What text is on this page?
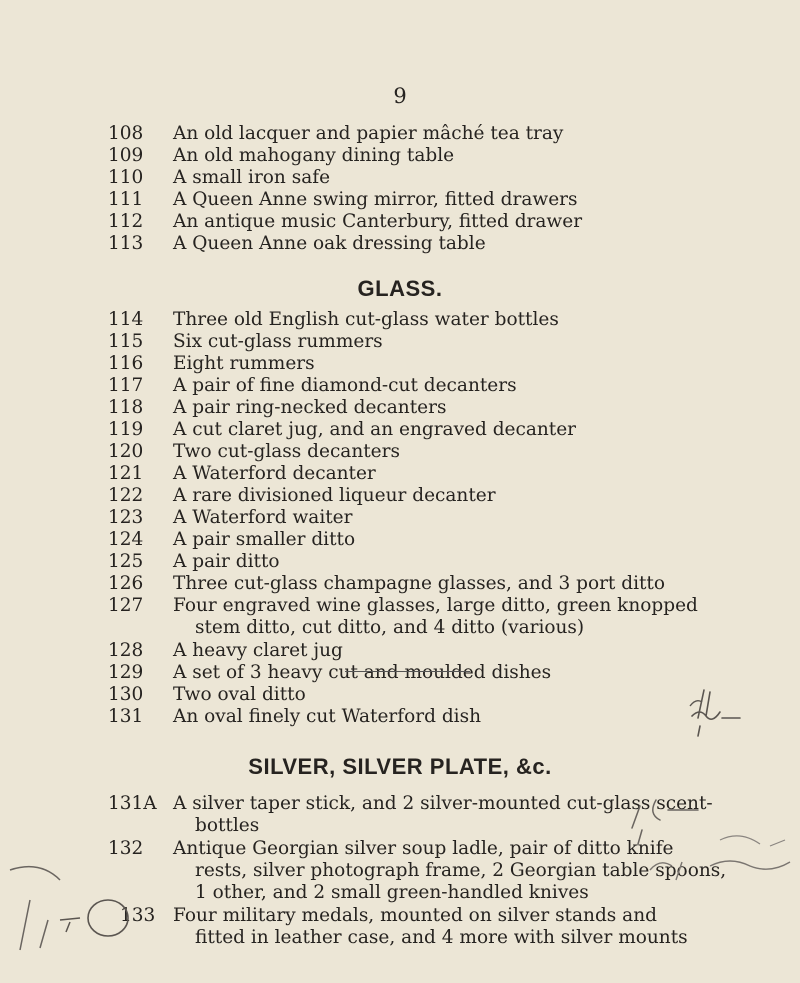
9
108	An old lacquer and papier mâché tea tray
109	An old mahogany dining table
110	A small iron safe
111	A Queen Anne swing mirror, fitted drawers
112	An antique music Canterbury, fitted drawer
113	A Queen Anne oak dressing table
GLASS.
114	Three old English cut-glass water bottles
115	Six cut-glass rummers
116	Eight rummers
117	A pair of fine diamond-cut decanters
118	A pair ring-necked decanters
119	A cut claret jug, and an engraved decanter
120	Two cut-glass decanters
121	A Waterford decanter
122	A rare divisioned liqueur decanter
123	A Waterford waiter
124	A pair smaller ditto
125	A pair ditto
126	Three cut-glass champagne glasses, and 3 port ditto
127	Four engraved wine glasses, large ditto, green knopped
stem ditto, cut ditto, and 4 ditto (various)
128	A heavy claret jug
129	A set of 3 heavy cut and moulded dishes
130	Two oval ditto
131	An oval finely cut Waterford dish
SILVER, SILVER PLATE, &c.
131A A silver taper stick, and 2 silver-mounted cut-glass scent-
bottles
132	Antique Georgian silver soup ladle, pair of ditto knife
rests, silver photograph frame, 2 Georgian table spoons,
1 other, and 2 small green-handled knives
133 Four military medals, mounted on silver stands and
fitted in leather case, and 4 more with silver mounts
